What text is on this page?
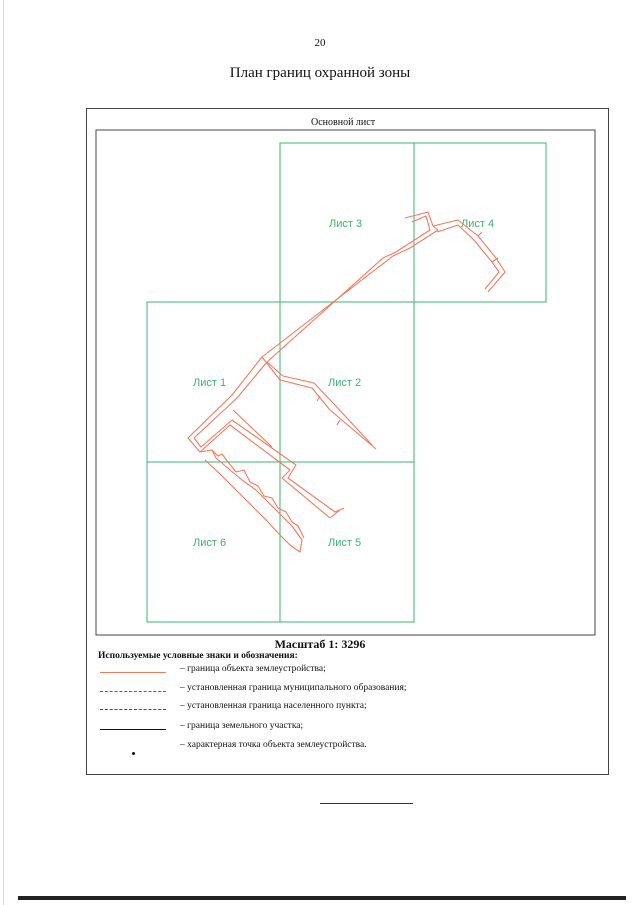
20
План границ охранной зоны
Основной лист
Лист 1	Лист 2
Лист 3	Лист 4
Лист 5
Лист 6
Масштаб 1: 3296
Используемые условные знаки и обозначения:
– граница объекта землеустройства;
– установленная граница муниципального образования;
– установленная граница населенного пункта;
– граница земельного участка;
– характерная точка объекта землеустройства.
